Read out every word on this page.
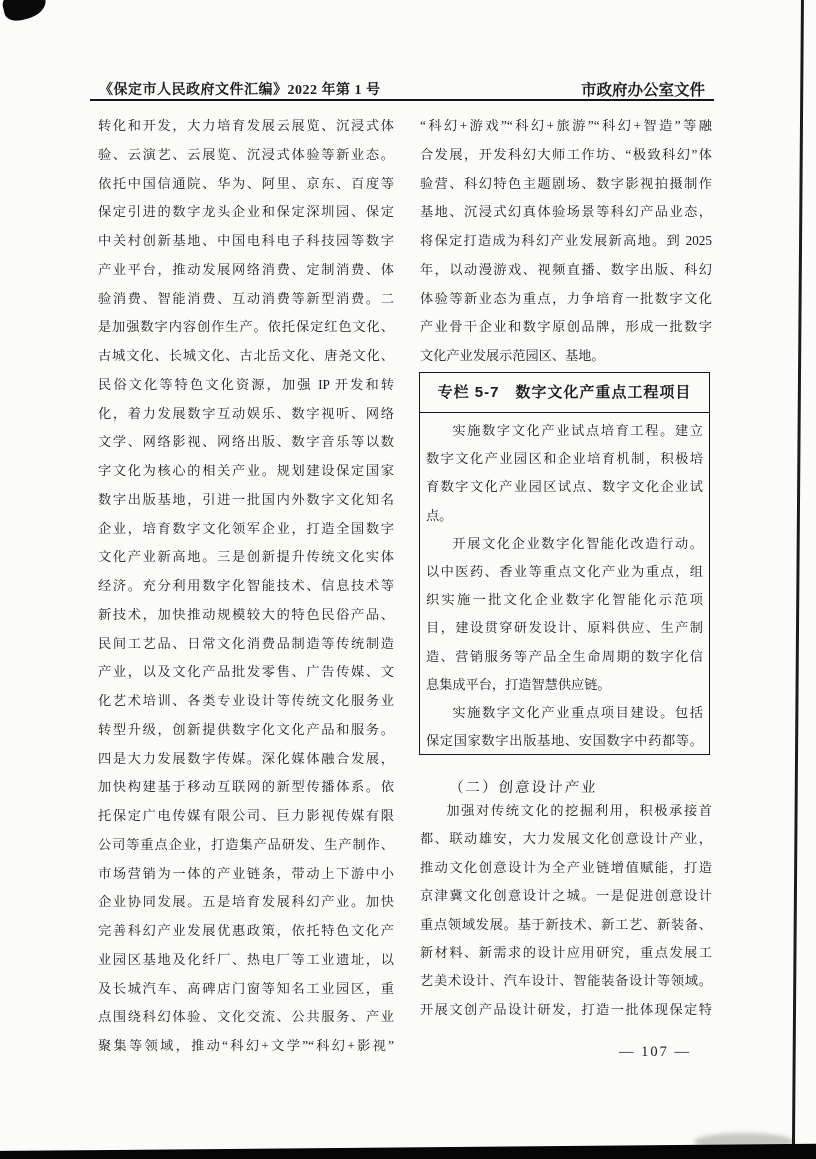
《保定市人民政府文件汇编》2022 年第 1 号	市政府办公室文件
转化和开发，大力培育发展云展览、沉浸式体
验、云演艺、云展览、沉浸式体验等新业态。
依托中国信通院、华为、阿里、京东、百度等
保定引进的数字龙头企业和保定深圳园、保定
中关村创新基地、中国电科电子科技园等数字
产业平台，推动发展网络消费、定制消费、体
验消费、智能消费、互动消费等新型消费。二
是加强数字内容创作生产。依托保定红色文化、
古城文化、长城文化、古北岳文化、唐尧文化、
民俗文化等特色文化资源，加强 IP 开发和转
化，着力发展数字互动娱乐、数字视听、网络
文学、网络影视、网络出版、数字音乐等以数
字文化为核心的相关产业。规划建设保定国家
数字出版基地，引进一批国内外数字文化知名
企业，培育数字文化领军企业，打造全国数字
文化产业新高地。三是创新提升传统文化实体
经济。充分利用数字化智能技术、信息技术等
新技术，加快推动规模较大的特色民俗产品、
民间工艺品、日常文化消费品制造等传统制造
产业，以及文化产品批发零售、广告传媒、文
化艺术培训、各类专业设计等传统文化服务业
转型升级，创新提供数字化文化产品和服务。
四是大力发展数字传媒。深化媒体融合发展，
加快构建基于移动互联网的新型传播体系。依
托保定广电传媒有限公司、巨力影视传媒有限
公司等重点企业，打造集产品研发、生产制作、
市场营销为一体的产业链条，带动上下游中小
企业协同发展。五是培育发展科幻产业。加快
完善科幻产业发展优惠政策，依托特色文化产
业园区基地及化纤厂、热电厂等工业遗址，以
及长城汽车、高碑店门窗等知名工业园区，重
点围绕科幻体验、文化交流、公共服务、产业
聚集等领域，推动“科幻+文学”“科幻+影视”
“科幻+游戏”“科幻+旅游”“科幻+智造”等融
合发展，开发科幻大师工作坊、“极致科幻”体
验营、科幻特色主题剧场、数字影视拍摄制作
基地、沉浸式幻真体验场景等科幻产品业态，
将保定打造成为科幻产业发展新高地。到 2025
年，以动漫游戏、视频直播、数字出版、科幻
体验等新业态为重点，力争培育一批数字文化
产业骨干企业和数字原创品牌，形成一批数字
文化产业发展示范园区、基地。
专栏 5-7　数字文化产重点工程项目
实施数字文化产业试点培育工程。建立
数字文化产业园区和企业培育机制，积极培
育数字文化产业园区试点、数字文化企业试
点。
开展文化企业数字化智能化改造行动。
以中医药、香业等重点文化产业为重点，组
织实施一批文化企业数字化智能化示范项
目，建设贯穿研发设计、原料供应、生产制
造、营销服务等产品全生命周期的数字化信
息集成平台，打造智慧供应链。
实施数字文化产业重点项目建设。包括
保定国家数字出版基地、安国数字中药都等。
（二）创意设计产业
加强对传统文化的挖掘利用，积极承接首
都、联动雄安，大力发展文化创意设计产业，
推动文化创意设计为全产业链增值赋能，打造
京津冀文化创意设计之城。一是促进创意设计
重点领域发展。基于新技术、新工艺、新装备、
新材料、新需求的设计应用研究，重点发展工
艺美术设计、汽车设计、智能装备设计等领域。
开展文创产品设计研发，打造一批体现保定特
— 107 —
